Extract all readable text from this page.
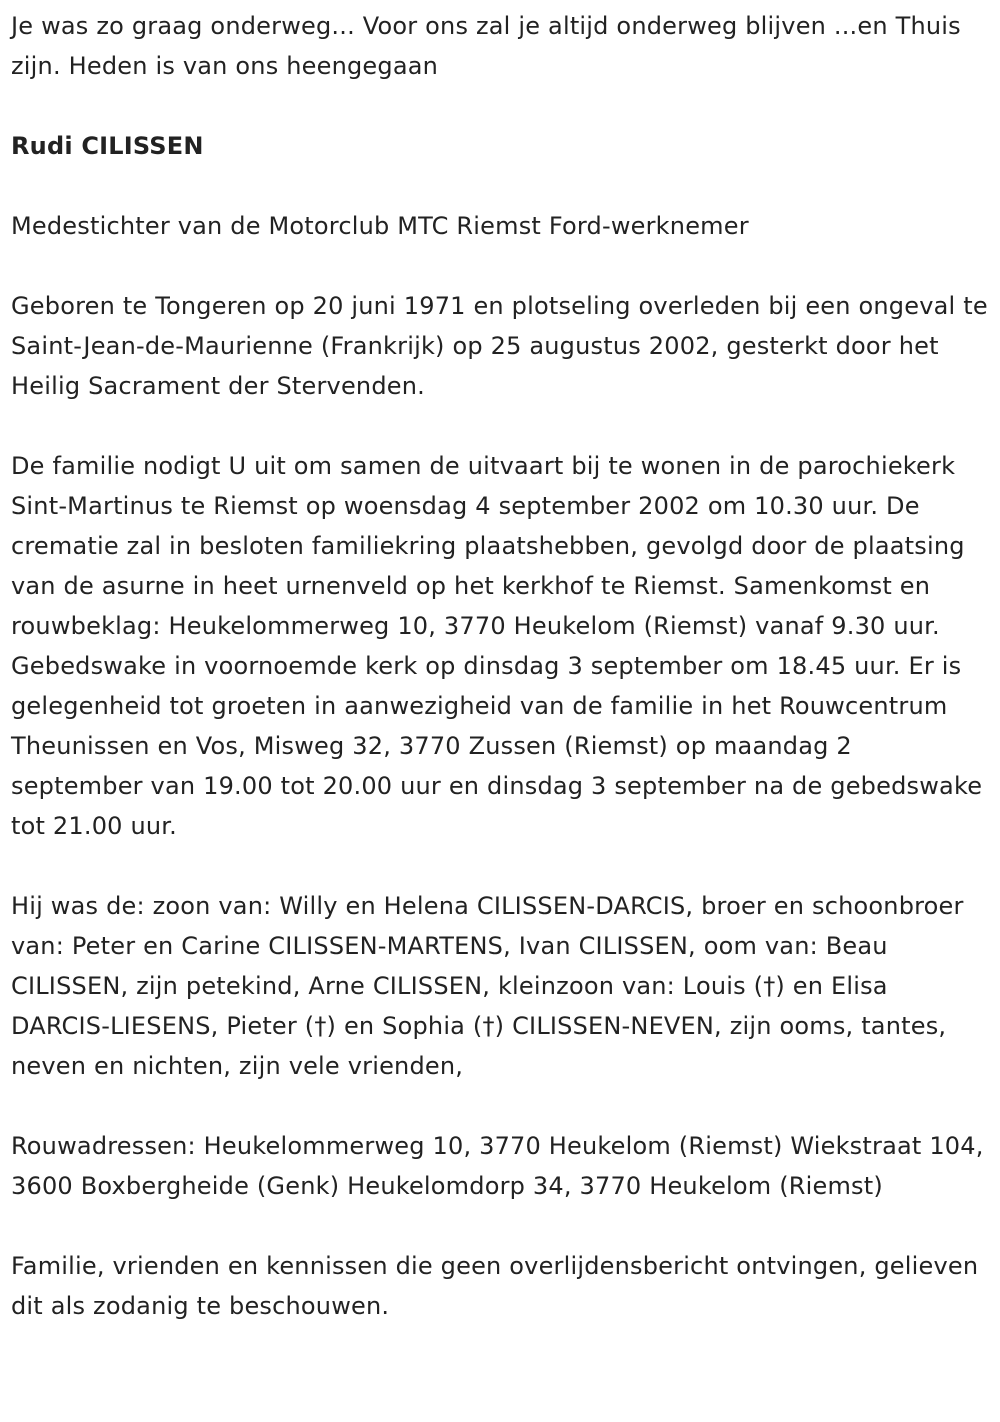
Je was zo graag onderweg... Voor ons zal je altijd onderweg blijven ...en Thuis zijn. Heden is van ons heengegaan

Rudi CILISSEN

Medestichter van de Motorclub MTC Riemst Ford-werknemer

Geboren te Tongeren op 20 juni 1971 en plotseling overleden bij een ongeval te Saint-Jean-de-Maurienne (Frankrijk) op 25 augustus 2002, gesterkt door het Heilig Sacrament der Stervenden.

De familie nodigt U uit om samen de uitvaart bij te wonen in de parochiekerk Sint-Martinus te Riemst op woensdag 4 september 2002 om 10.30 uur. De crematie zal in besloten familiekring plaatshebben, gevolgd door de plaatsing van de asurne in heet urnenveld op het kerkhof te Riemst. Samenkomst en rouwbeklag: Heukelommerweg 10, 3770 Heukelom (Riemst) vanaf 9.30 uur. Gebedswake in voornoemde kerk op dinsdag 3 september om 18.45 uur. Er is gelegenheid tot groeten in aanwezigheid van de familie in het Rouwcentrum Theunissen en Vos, Misweg 32, 3770 Zussen (Riemst) op maandag 2 september van 19.00 tot 20.00 uur en dinsdag 3 september na de gebedswake tot 21.00 uur.

Hij was de: zoon van: Willy en Helena CILISSEN-DARCIS, broer en schoonbroer van: Peter en Carine CILISSEN-MARTENS, Ivan CILISSEN, oom van: Beau CILISSEN, zijn petekind, Arne CILISSEN, kleinzoon van: Louis (†) en Elisa DARCIS-LIESENS, Pieter (†) en Sophia (†) CILISSEN-NEVEN, zijn ooms, tantes, neven en nichten, zijn vele vrienden,

Rouwadressen: Heukelommerweg 10, 3770 Heukelom (Riemst) Wiekstraat 104, 3600 Boxbergheide (Genk) Heukelomdorp 34, 3770 Heukelom (Riemst)

Familie, vrienden en kennissen die geen overlijdensbericht ontvingen, gelieven dit als zodanig te beschouwen.
